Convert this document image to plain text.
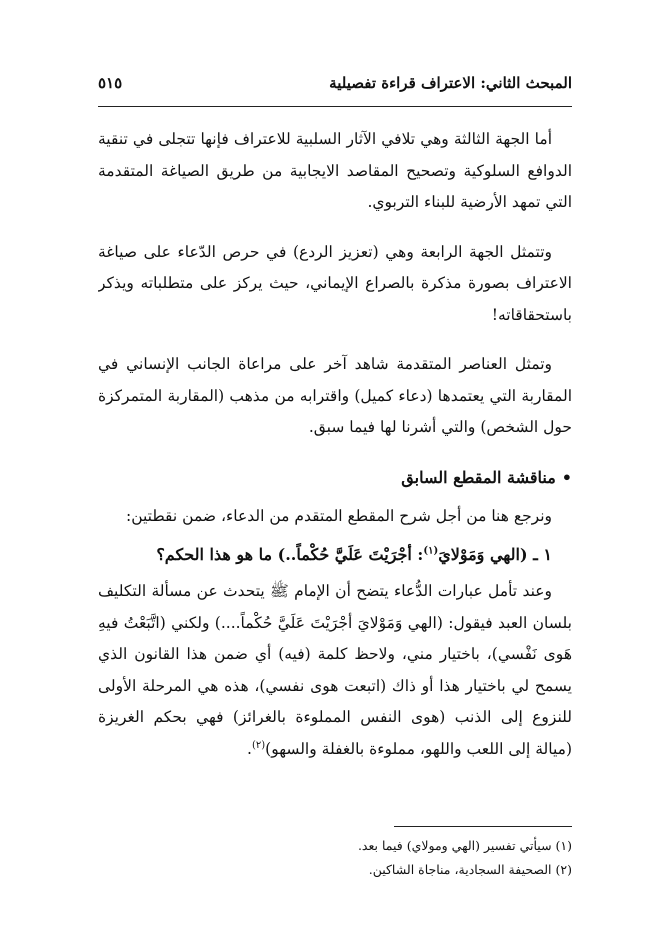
المبحث الثاني: الاعتراف قراءة تفصيلية
٥١٥

أما الجهة الثالثة وهي تلافي الآثار السلبية للاعتراف فإنها تتجلى في تنقية الدوافع السلوكية وتصحيح المقاصد الايجابية من طريق الصياغة المتقدمة التي تمهد الأرضية للبناء التربوي.

وتتمثل الجهة الرابعة وهي (تعزيز الردع) في حرص الدّعاء على صياغة الاعتراف بصورة مذكرة بالصراع الإيماني، حيث يركز على متطلباته ويذكر باستحقاقاته!

وتمثل العناصر المتقدمة شاهد آخر على مراعاة الجانب الإنساني في المقاربة التي يعتمدها (دعاء كميل) واقترابه من مذهب (المقاربة المتمركزة حول الشخص) والتي أشرنا لها فيما سبق.

•مناقشة المقطع السابق

ونرجع هنا من أجل شرح المقطع المتقدم من الدعاء، ضمن نقطتين:

١ ـ (الهي وَمَوْلايَ$^{(١)}$: أجْرَيْتَ عَلَيَّ حُكْماً..) ما هو هذا الحكم؟

وعند تأمل عبارات الدُّعاء يتضح أن الإمام ﷺ يتحدث عن مسألة التكليف بلسان العبد فيقول: (الهي وَمَوْلايَ أجْرَيْتَ عَلَيَّ حُكْماً....) ولكني (اتَّبَعْتُ فيهِ هَوى نَفْسي)، باختيار مني، ولاحظ كلمة (فيه) أي ضمن هذا القانون الذي يسمح لي باختيار هذا أو ذاك (اتبعت هوى نفسي)، هذه هي المرحلة الأولى للنزوع إلى الذنب (هوى النفس المملوءة بالغرائز) فهي بحكم الغريزة (ميالة إلى اللعب واللهو، مملوءة بالغفلة والسهو)$^{(٢)}$.

(١) سيأتي تفسير (الهي ومولاي) فيما بعد.
(٢) الصحيفة السجادية، مناجاة الشاكين.
